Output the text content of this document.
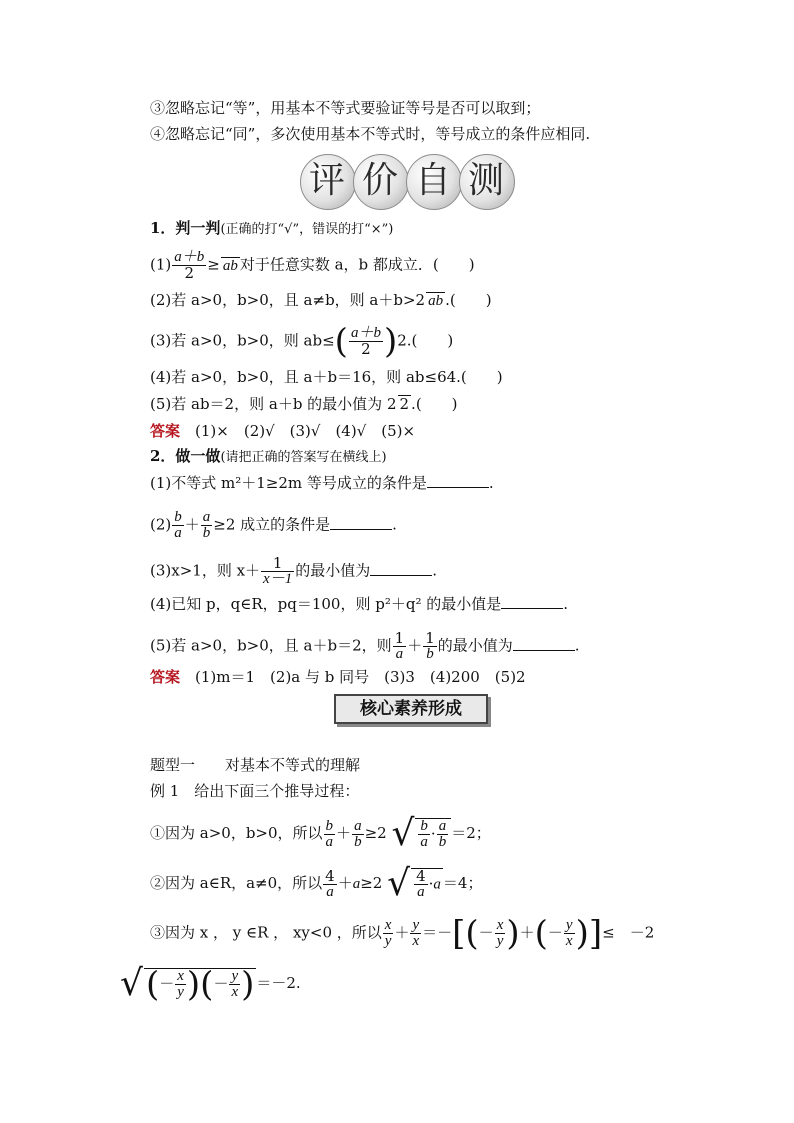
③忽略忘记“等”，用基本不等式要验证等号是否可以取到；
④忽略忘记“同”，多次使用基本不等式时，等号成立的条件应相同.
评 价 自 测
1．判一判(正确的打“√”，错误的打“×”)
$(1) \frac{a+b}{2}$ ≥ ab 对于任意实数 a，b 都成立．(　　)
(2)若 a>0，b>0，且 a≠b，则 a＋b>2 ab .(　　)
(3)若 a>0，b>0，则 $ab\le( \frac{a+b}{2} )2$.(　　)
(4)若 a>0，b>0，且 a＋b＝16，则 ab≤64.(　　)
(5)若 ab＝2，则 a＋b 的最小值为 2 2 .(　　)
答案　 (1)×　(2)√　(3)√　(4)√　(5)×
2．做一做(请把正确的答案写在横线上)
(1)不等式 m²＋1≥2m 等号成立的条件是	.
$(2) \frac{b}{a} + \frac{a}{b} \ge 2$ 成立的条件是	.
(3)x>1，则 $x+ \frac{1}{x-1}$ 的最小值为	.
(4)已知 p，q∈R，pq＝100，则 p²＋q² 的最小值是	.
(5)若 a>0，b>0，且 a＋b＝2，则 $\frac{1}{a} + \frac{1}{b}$ 的最小值为	.
答案　 (1)m＝1　(2)a 与 b 同号　(3)3　(4)200　(5)2
核心素养形成
题型一　　对基本不等式的理解
例 1　给出下面三个推导过程：
①因为 a>0，b>0，所以 $\frac{b}{a} + \frac{a}{b} \ge 2$ √ $\frac{b}{a} \cdot \frac{a}{b} =2$；
②因为 a∈R，a≠0，所以 $\frac{4}{a} +a\ge 2$ √ $\frac{4}{a} \cdot a =4$；
③因为 x ， y ∈R ， xy<0 ，所以 $\frac{x}{y} + \frac{y}{x}$ ＝－[(－ $\frac{x}{y}$ )＋(－ $\frac{y}{x}$ )]≤　－2
√(－ $\frac{x}{y}$ )(－ $\frac{y}{x}$ ) ＝－2.
